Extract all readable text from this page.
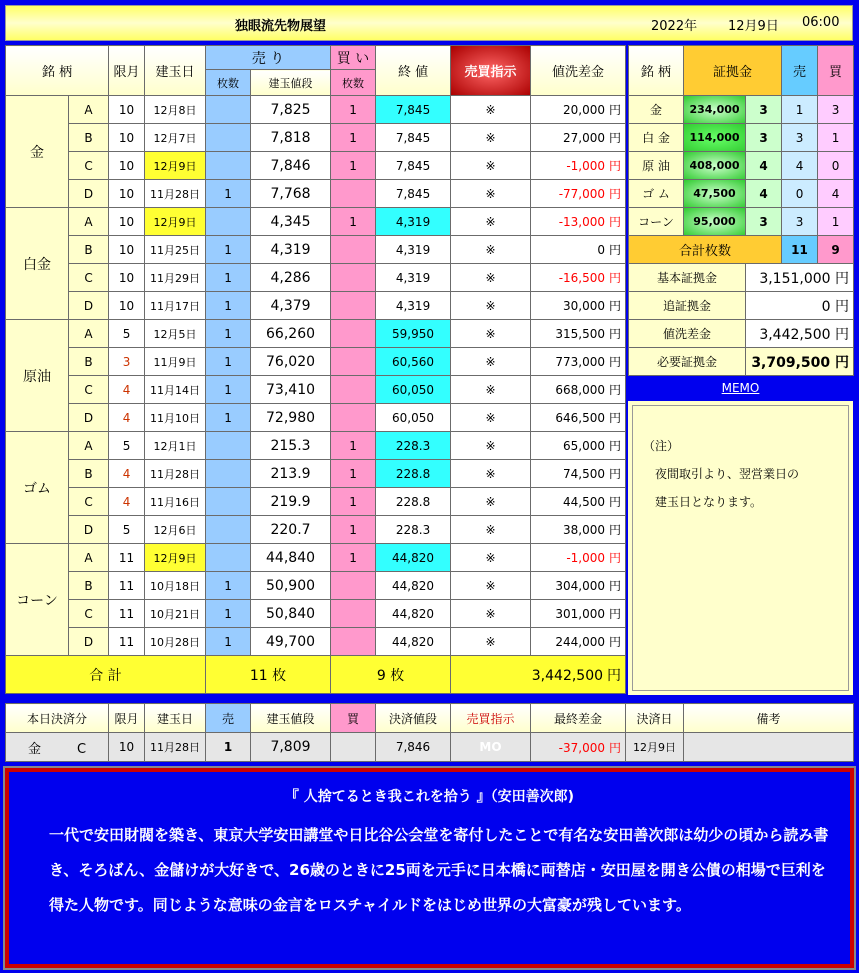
独眼流先物展望	2022年 12月9日 06:00
銘 柄		限月	建玉日	売 り		買 い	終 値	売買指示	値洗差金
				枚数	建玉値段	枚数			
金	A	10	12月8日		7,825	1	7,845	※	20,000 円
	B	10	12月7日		7,818	1	7,845	※	27,000 円
	C	10	12月9日		7,846	1	7,845	※	-1,000 円
	D	10	11月28日	1	7,768		7,845	※	-77,000 円
白金	A	10	12月9日		4,345	1	4,319	※	-13,000 円
	B	10	11月25日	1	4,319		4,319	※	0 円
	C	10	11月29日	1	4,286		4,319	※	-16,500 円
	D	10	11月17日	1	4,379		4,319	※	30,000 円
原油	A	5	12月5日	1	66,260		59,950	※	315,500 円
	B	3	11月9日	1	76,020		60,560	※	773,000 円
	C	4	11月14日	1	73,410		60,050	※	668,000 円
	D	4	11月10日	1	72,980		60,050	※	646,500 円
ゴム	A	5	12月1日		215.3	1	228.3	※	65,000 円
	B	4	11月28日		213.9	1	228.8	※	74,500 円
	C	4	11月16日		219.9	1	228.8	※	44,500 円
	D	5	12月6日		220.7	1	228.3	※	38,000 円
コーン	A	11	12月9日		44,840	1	44,820	※	-1,000 円
	B	11	10月18日	1	50,900		44,820	※	304,000 円
	C	11	10月21日	1	50,840		44,820	※	301,000 円
	D	11	10月28日	1	49,700		44,820	※	244,000 円
合 計				11 枚		9 枚		3,442,500 円	
銘 柄	証拠金		売	買
金	234,000	3	1	3
白 金	114,000	3	3	1
原 油	408,000	4	4	0
ゴ ム	47,500	4	0	4
コーン	95,000	3	3	1
合計枚数			11	9
基本証拠金		3,151,000 円		
追証拠金		0 円		
値洗差金		3,442,500 円		
必要証拠金		3,709,500 円		
MEMO
（注）
　夜間取引より、翌営業日の
　建玉日となります。
本日決済分	限月	建玉日	売	建玉値段	買	決済値段	売買指示	最終差金	決済日	備考
金 C	10	11月28日	1	7,809		7,846	MO	-37,000 円	12月9日	
『 人捨てるとき我これを拾う 』（安田善次郎)
一代で安田財閥を築き、東京大学安田講堂や日比谷公会堂を寄付したことで有名な安田善次郎は幼少の頃から読み書き、そろばん、金儲けが大好きで、26歳のときに25両を元手に日本橋に両替店・安田屋を開き公債の相場で巨利を得た人物です。同じような意味の金言をロスチャイルドをはじめ世界の大富豪が残しています。
